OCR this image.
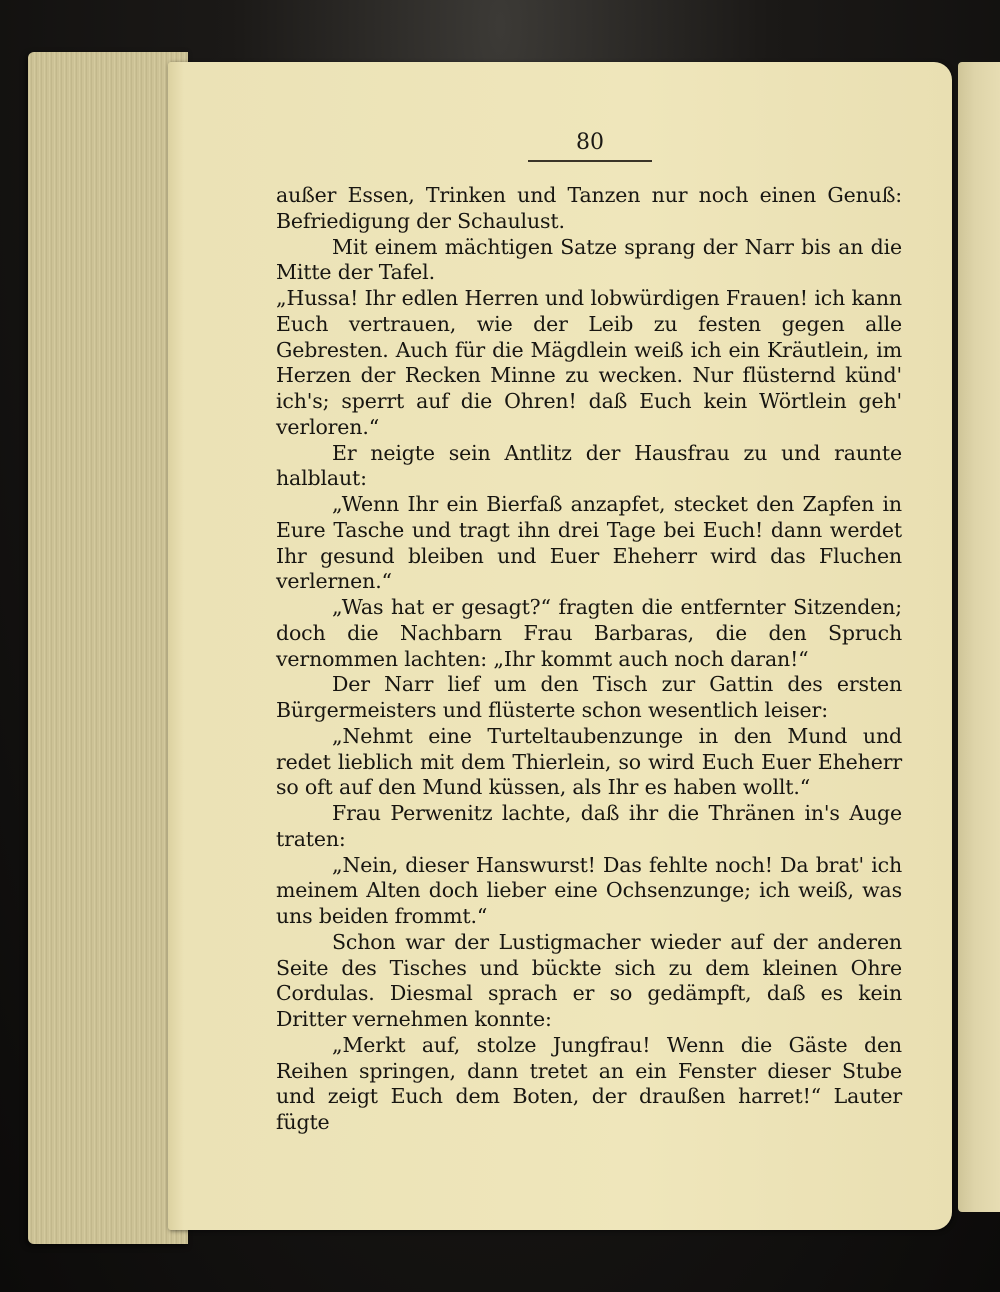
80

außer Essen, Trinken und Tanzen nur noch einen Genuß: Befriedigung der Schaulust.

Mit einem mächtigen Satze sprang der Narr bis an die Mitte der Tafel.

„Hussa! Ihr edlen Herren und lobwürdigen Frauen! ich kann Euch vertrauen, wie der Leib zu festen gegen alle Gebresten. Auch für die Mägdlein weiß ich ein Kräutlein, im Herzen der Recken Minne zu wecken. Nur flüsternd künd' ich's; sperrt auf die Ohren! daß Euch kein Wörtlein geh' verloren.“

Er neigte sein Antlitz der Hausfrau zu und raunte halblaut:

„Wenn Ihr ein Bierfaß anzapfet, stecket den Zapfen in Eure Tasche und tragt ihn drei Tage bei Euch! dann werdet Ihr gesund bleiben und Euer Eheherr wird das Fluchen verlernen.“

„Was hat er gesagt?“ fragten die entfernter Sitzenden; doch die Nachbarn Frau Barbaras, die den Spruch vernommen lachten: „Ihr kommt auch noch daran!“

Der Narr lief um den Tisch zur Gattin des ersten Bürgermeisters und flüsterte schon wesentlich leiser:

„Nehmt eine Turteltaubenzunge in den Mund und redet lieblich mit dem Thierlein, so wird Euch Euer Eheherr so oft auf den Mund küssen, als Ihr es haben wollt.“

Frau Perwenitz lachte, daß ihr die Thränen in's Auge traten:

„Nein, dieser Hanswurst! Das fehlte noch! Da brat' ich meinem Alten doch lieber eine Ochsenzunge; ich weiß, was uns beiden frommt.“

Schon war der Lustigmacher wieder auf der anderen Seite des Tisches und bückte sich zu dem kleinen Ohre Cordulas. Diesmal sprach er so gedämpft, daß es kein Dritter vernehmen konnte:

„Merkt auf, stolze Jungfrau! Wenn die Gäste den Reihen springen, dann tretet an ein Fenster dieser Stube und zeigt Euch dem Boten, der draußen harret!“ Lauter fügte
